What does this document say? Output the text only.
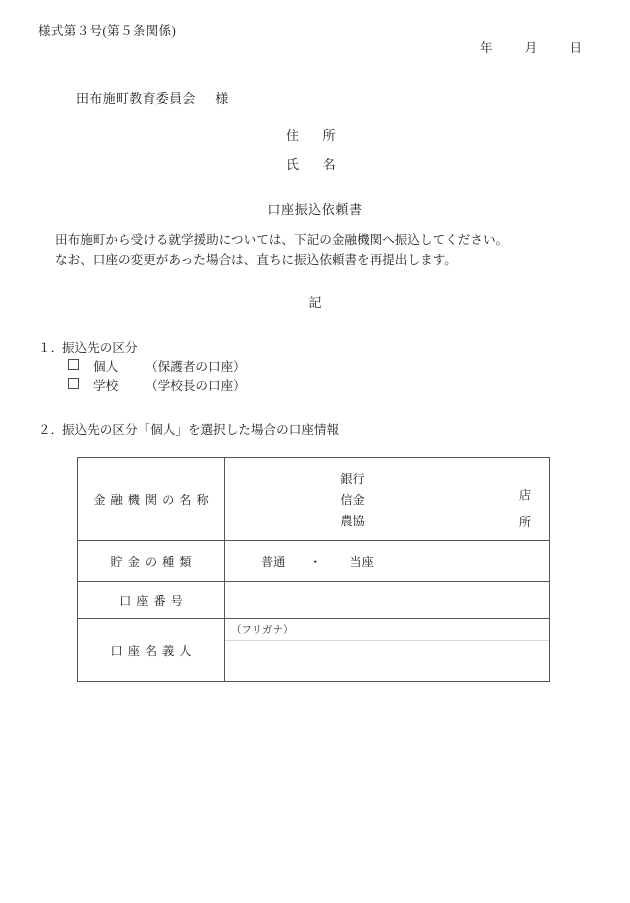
様式第３号(第５条関係)
年	月	日
田布施町教育委員会 様
住 所
氏 名
口座振込依頼書

田布施町から受ける就学援助については、下記の金融機関へ振込してください。

なお、口座の変更があった場合は、直ちに振込依頼書を再提出します。

記

１．振込先の区分

個人 （保護者の口座）

学校 （学校長の口座）

２．振込先の区分「個人」を選択した場合の口座情報

金融機関の名称	銀行
信金
農協
店
所

貯金の種類	普通 ・ 当座

口座番号	
口座名義人	（フリガナ）
